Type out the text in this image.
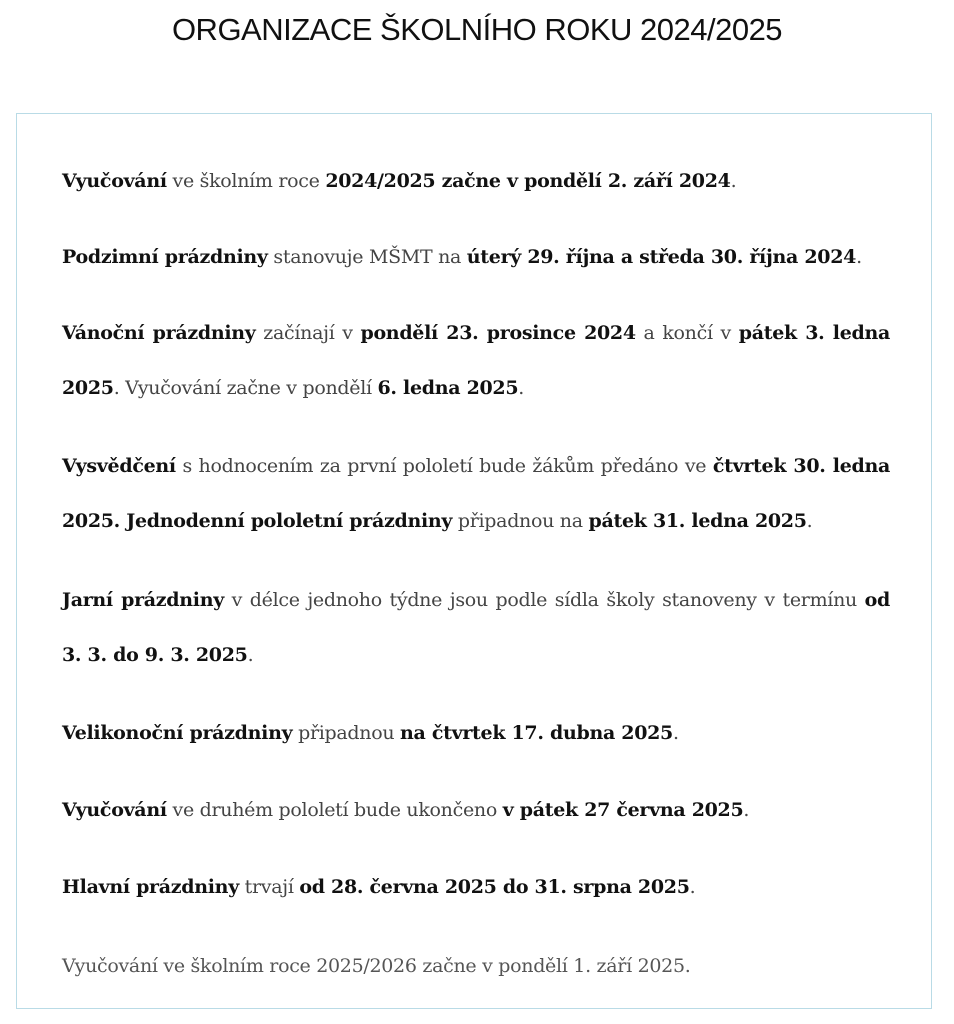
ORGANIZACE ŠKOLNÍHO ROKU 2024/2025

Vyučování ve školním roce 2024/2025 začne v pondělí 2. září 2024.

Podzimní prázdniny stanovuje MŠMT na úterý 29. října a středa 30. října 2024.

Vánoční prázdniny začínají v pondělí 23. prosince 2024 a končí v pátek 3. ledna 2025. Vyučování začne v pondělí 6. ledna 2025.

Vysvědčení s hodnocením za první pololetí bude žákům předáno ve čtvrtek 30. ledna 2025. Jednodenní pololetní prázdniny připadnou na pátek 31. ledna 2025.

Jarní prázdniny v délce jednoho týdne jsou podle sídla školy stanoveny v termínu od 3. 3. do 9. 3. 2025.

Velikonoční prázdniny připadnou na čtvrtek 17. dubna 2025.

Vyučování ve druhém pololetí bude ukončeno v pátek 27 června 2025.

Hlavní prázdniny trvají od 28. června 2025 do 31. srpna 2025.

Vyučování ve školním roce 2025/2026 začne v pondělí 1. září 2025.
